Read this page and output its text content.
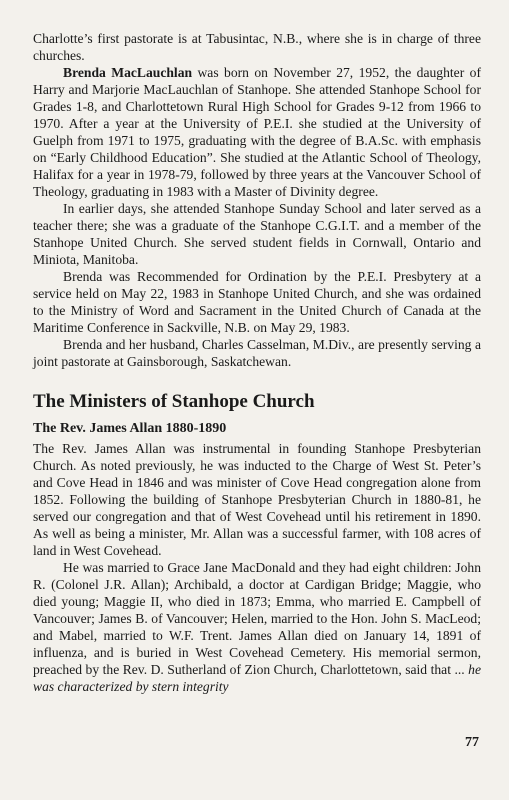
Charlotte’s first pastorate is at Tabusintac, N.B., where she is in charge of three churches.

Brenda MacLauchlan was born on November 27, 1952, the daughter of Harry and Marjorie MacLauchlan of Stanhope. She attended Stanhope School for Grades 1-8, and Charlottetown Rural High School for Grades 9-12 from 1966 to 1970. After a year at the University of P.E.I. she studied at the University of Guelph from 1971 to 1975, graduating with the degree of B.A.Sc. with emphasis on “Early Childhood Education”. She studied at the Atlantic School of Theology, Halifax for a year in 1978-79, followed by three years at the Vancouver School of Theology, graduating in 1983 with a Master of Divinity degree.

In earlier days, she attended Stanhope Sunday School and later served as a teacher there; she was a graduate of the Stanhope C.G.I.T. and a member of the Stanhope United Church. She served student fields in Cornwall, Ontario and Miniota, Manitoba.

Brenda was Recommended for Ordination by the P.E.I. Presbytery at a service held on May 22, 1983 in Stanhope United Church, and she was ordained to the Ministry of Word and Sacrament in the United Church of Canada at the Maritime Conference in Sackville, N.B. on May 29, 1983.

Brenda and her husband, Charles Casselman, M.Div., are presently serving a joint pastorate at Gainsborough, Saskatchewan.

The Ministers of Stanhope Church
The Rev. James Allan 1880-1890

The Rev. James Allan was instrumental in founding Stanhope Presbyterian Church. As noted previously, he was inducted to the Charge of West St. Peter’s and Cove Head in 1846 and was minister of Cove Head congregation alone from 1852. Following the building of Stanhope Presbyterian Church in 1880-81, he served our congregation and that of West Covehead until his retirement in 1890. As well as being a minister, Mr. Allan was a successful farmer, with 108 acres of land in West Covehead.

He was married to Grace Jane MacDonald and they had eight children: John R. (Colonel J.R. Allan); Archibald, a doctor at Cardigan Bridge; Maggie, who died young; Maggie II, who died in 1873; Emma, who married E. Campbell of Vancouver; James B. of Vancouver; Helen, married to the Hon. John S. MacLeod; and Mabel, married to W.F. Trent. James Allan died on January 14, 1891 of influenza, and is buried in West Covehead Cemetery. His memorial sermon, preached by the Rev. D. Sutherland of Zion Church, Charlottetown, said that ... he was characterized by stern integrity

77
